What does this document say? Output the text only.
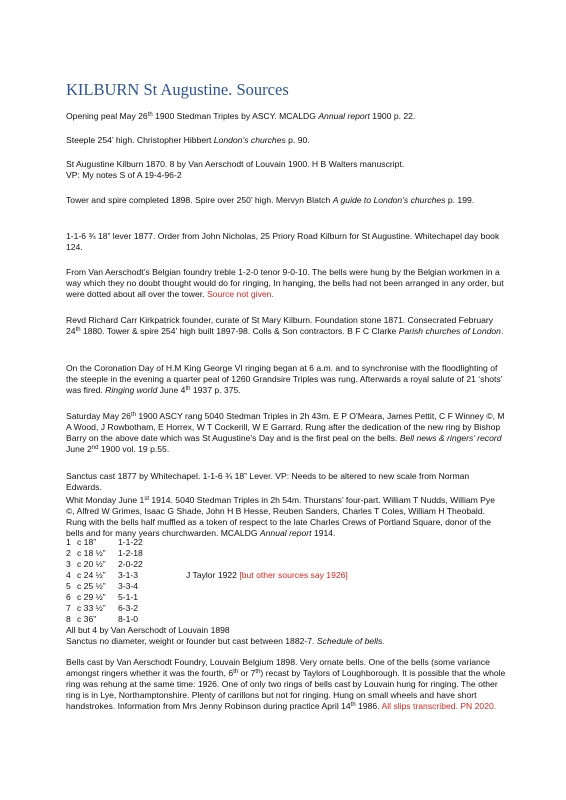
KILBURN St Augustine. Sources

Opening peal May 26th 1900 Stedman Triples by ASCY. MCALDG Annual report 1900 p. 22.

Steeple 254’ high. Christopher Hibbert London’s churches p. 90.

St Augustine Kilburn 1870. 8 by Van Aerschodt of Louvain 1900. H B Walters manuscript.
VP: My notes S of A 19-4-96-2

Tower and spire completed 1898. Spire over 250’ high. Mervyn Blatch A guide to London’s churches p. 199.

1-1-6 ¾ 18” lever 1877. Order from John Nicholas, 25 Priory Road Kilburn for St Augustine. Whitechapel day book 124.

From Van Aerschodt’s Belgian foundry treble 1-2-0 tenor 9-0-10. The bells were hung by the Belgian workmen in a way which they no doubt thought would do for ringing, In hanging, the bells had not been arranged in any order, but were dotted about all over the tower. Source not given.

Revd Richard Carr Kirkpatrick founder, curate of St Mary Kilburn. Foundation stone 1871. Consecrated February 24th 1880. Tower & spire 254’ high built 1897-98. Colls & Son contractors. B F C Clarke Parish churches of London.

On the Coronation Day of H.M King George VI ringing began at 6 a.m. and to synchronise with the floodlighting of the steeple in the evening a quarter peal of 1260 Grandsire Triples was rung. Afterwards a royal salute of 21 ‘shots’ was fired. Ringing world June 4th 1937 p. 375.

Saturday May 26th 1900 ASCY rang 5040 Stedman Triples in 2h 43m. E P O’Meara, James Pettit, C F Winney ©, M A Wood, J Rowbotham, E Horrex, W T Cockerill, W E Garrard. Rung after the dedication of the new ring by Bishop Barry on the above date which was St Augustine’s Day and is the first peal on the bells. Bell news & ringers’ record June 2nd 1900 vol. 19 p.55.

Sanctus cast 1877 by Whitechapel. 1-1-6 ¾ 18” Lever. VP: Needs to be altered to new scale from Norman Edwards.

Whit Monday June 1st 1914. 5040 Stedman Triples in 2h 54m. Thurstans’ four-part. William T Nudds, William Pye ©, Alfred W Grimes, Isaac G Shade, John H B Hesse, Reuben Sanders, Charles T Coles, William H Theobald. Rung with the bells half muffled as a token of respect to the late Charles Crews of Portland Square, donor of the bells and for many years churchwarden. MCALDG Annual report 1914.

1 c 18”	1-1-22
2 c 18 ½”	1-2-18
3 c 20 ½”	2-0-22
4 c 24 ½”	3-1-3	J Taylor 1922 [but other sources say 1926]
5 c 25 ½”	3-3-4
6 c 29 ½”	5-1-1
7 c 33 ½”	6-3-2
8 c 36”	8-1-0
All but 4 by Van Aerschodt of Louvain 1898
Sanctus no diameter, weight or founder but cast between 1882-7. Schedule of bells.

Bells cast by Van Aerschodt Foundry, Louvain Belgium 1898. Very ornate bells. One of the bells (some variance amongst ringers whether it was the fourth, 6th or 7th) recast by Taylors of Loughborough. It is possible that the whole ring was rehung at the same time: 1926. One of only two rings of bells cast by Louvain hung for ringing. The other ring is in Lye, Northamptonshire. Plenty of carillons but not for ringing. Hung on small wheels and have short handstrokes. Information from Mrs Jenny Robinson during practice April 14th 1986. All slips transcribed. PN 2020.
